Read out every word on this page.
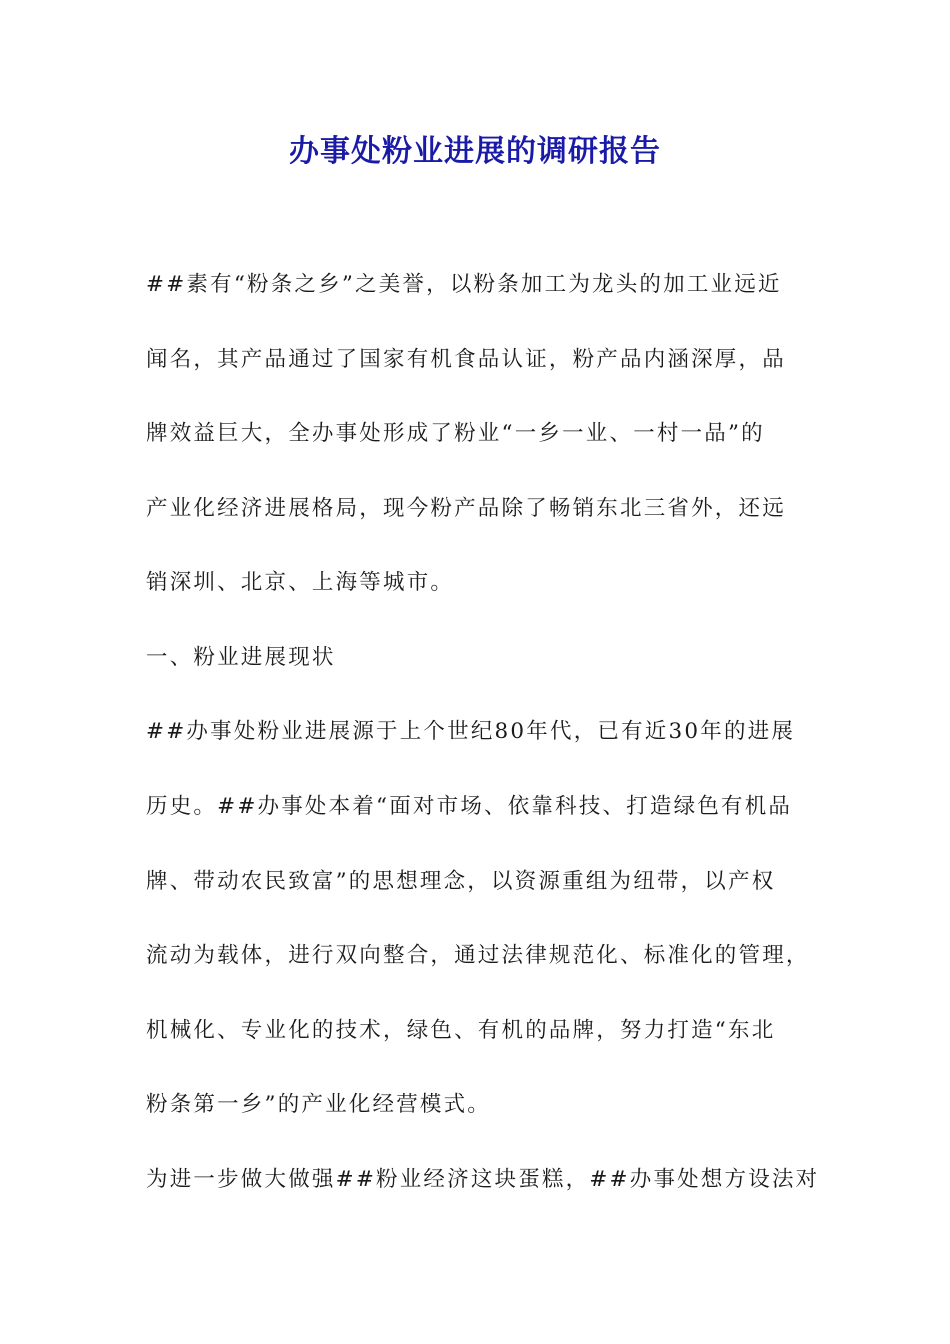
办事处粉业进展的调研报告

##素有“粉条之乡”之美誉，以粉条加工为龙头的加工业远近

闻名，其产品通过了国家有机食品认证，粉产品内涵深厚，品

牌效益巨大，全办事处形成了粉业“一乡一业、一村一品”的

产业化经济进展格局，现今粉产品除了畅销东北三省外，还远

销深圳、北京、上海等城市。

一、粉业进展现状

##办事处粉业进展源于上个世纪80年代，已有近30年的进展

历史。##办事处本着“面对市场、依靠科技、打造绿色有机品

牌、带动农民致富”的思想理念，以资源重组为纽带，以产权

流动为载体，进行双向整合，通过法律规范化、标准化的管理，

机械化、专业化的技术，绿色、有机的品牌，努力打造“东北

粉条第一乡”的产业化经营模式。

为进一步做大做强##粉业经济这块蛋糕，##办事处想方设法对
